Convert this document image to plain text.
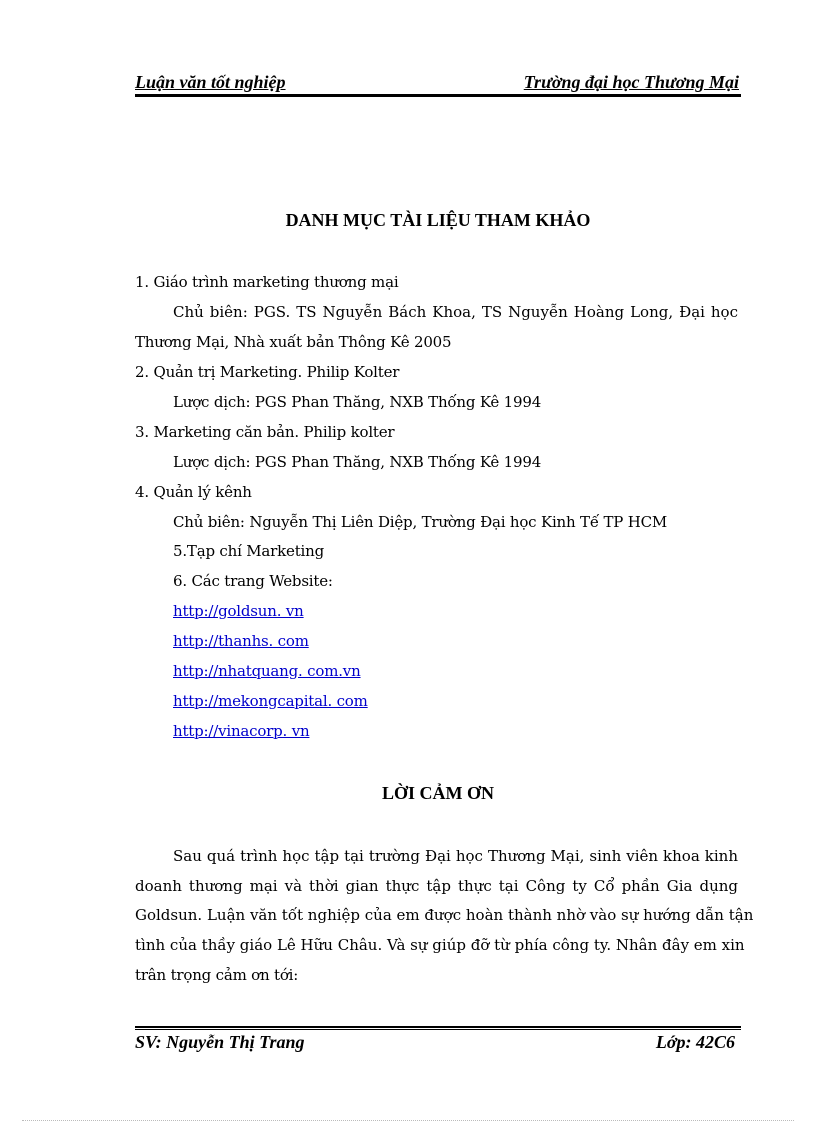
Luận văn tốt nghiệp	Trường đại học Thương Mại
DANH MỤC TÀI LIỆU THAM KHẢO
1. Giáo trình marketing thương mại
Chủ biên: PGS. TS Nguyễn Bách Khoa, TS Nguyễn Hoàng Long, Đại học
Thương Mại, Nhà xuất bản Thông Kê 2005
2. Quản trị Marketing. Philip Kolter
Lược dịch: PGS Phan Thăng, NXB Thống Kê 1994
3. Marketing căn bản. Philip kolter
Lược dịch: PGS Phan Thăng, NXB Thống Kê 1994
4. Quản lý kênh
Chủ biên: Nguyễn Thị Liên Diệp, Trường Đại học Kinh Tế TP HCM
5.Tạp chí Marketing
6. Các trang Website:
http://goldsun. vn
http://thanhs. com
http://nhatquang. com.vn
http://mekongcapital. com
http://vinacorp. vn
LỜI CẢM ƠN
Sau quá trình học tập tại trường Đại học Thương Mại, sinh viên khoa kinh
doanh thương mại và thời gian thực tập thực tại Công ty Cổ phần Gia dụng
Goldsun. Luận văn tốt nghiệp của em được hoàn thành nhờ vào sự hướng dẫn tận
tình của thầy giáo Lê Hữu Châu. Và sự giúp đỡ từ phía công ty. Nhân đây em xin
trân trọng cảm ơn tới:
SV: Nguyễn Thị Trang	Lớp: 42C6
